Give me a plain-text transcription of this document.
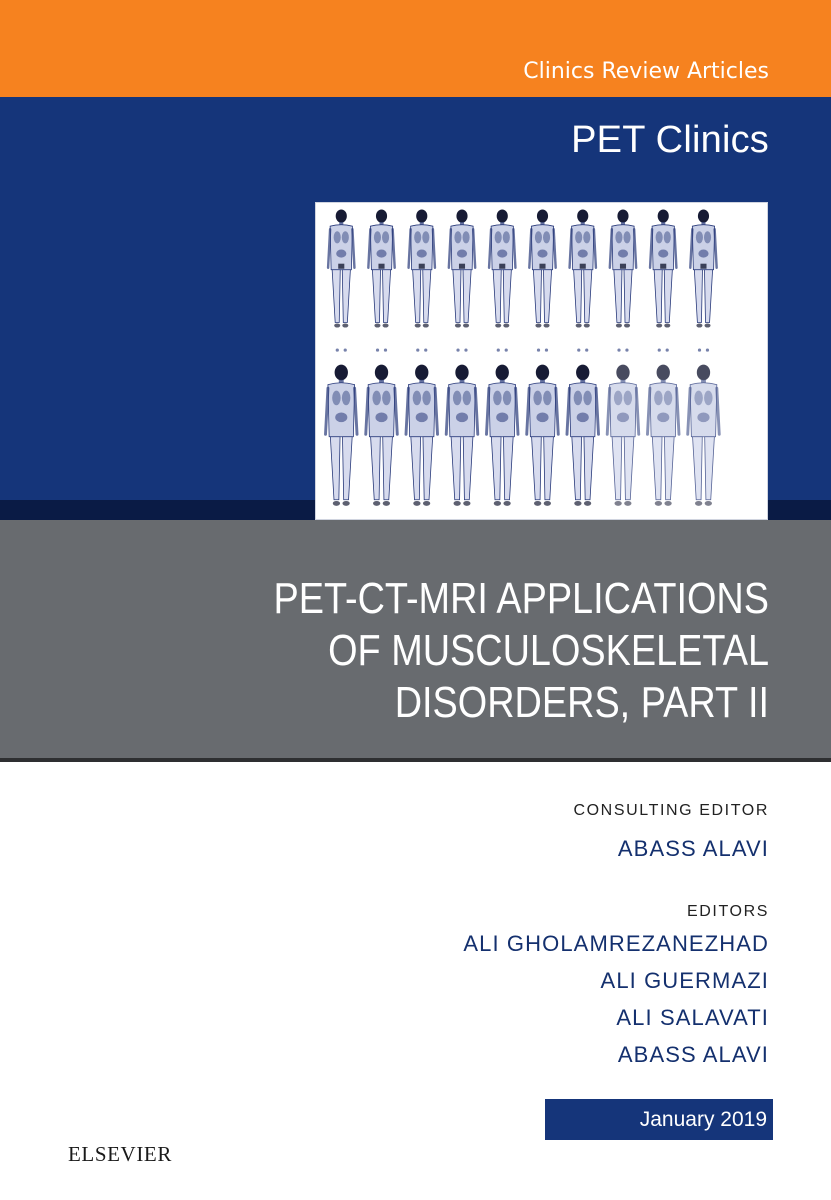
Clinics Review Articles
PET Clinics
PET-CT-MRI APPLICATIONS
OF MUSCULOSKELETAL
DISORDERS, PART II
CONSULTING EDITOR
ABASS ALAVI
EDITORS
ALI GHOLAMREZANEZHAD
ALI GUERMAZI
ALI SALAVATI
ABASS ALAVI
January 2019
ELSEVIER
